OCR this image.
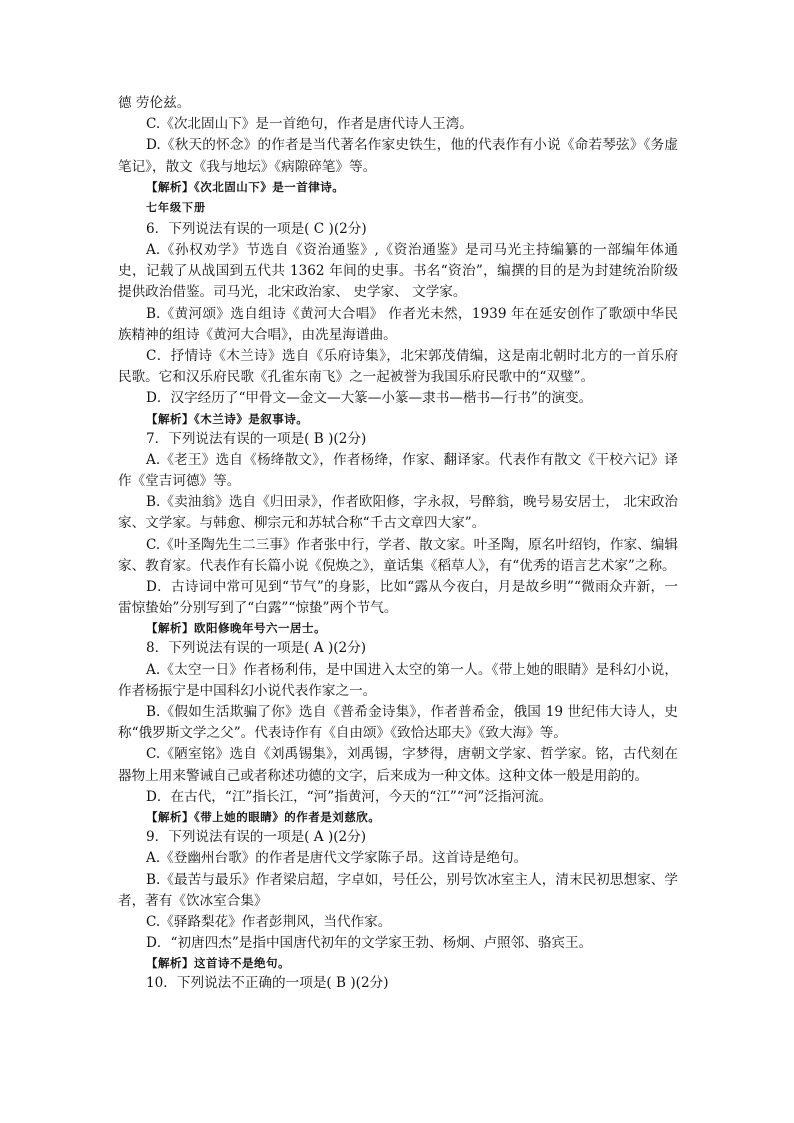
德 劳伦兹。

C.《次北固山下》是一首绝句，作者是唐代诗人王湾。

D.《秋天的怀念》的作者是当代著名作家史铁生，他的代表作有小说《命若琴弦》《务虚笔记》，散文《我与地坛》《病隙碎笔》等。

【解析】《次北固山下》是一首律诗。

七年级下册

6．下列说法有误的一项是( C )(2分)

A.《孙权劝学》节选自《资治通鉴》,《资治通鉴》是司马光主持编纂的一部编年体通史，记载了从战国到五代共 1362 年间的史事。书名“资治”，编撰的目的是为封建统治阶级提供政治借鉴。司马光，北宋政治家、 史学家、 文学家。

B.《黄河颂》选自组诗《黄河大合唱》 作者光未然，1939 年在延安创作了歌颂中华民族精神的组诗《黄河大合唱》，由冼星海谱曲。

C．抒情诗《木兰诗》选自《乐府诗集》，北宋郭茂倩编，这是南北朝时北方的一首乐府民歌。它和汉乐府民歌《孔雀东南飞》之一起被誉为我国乐府民歌中的“双璧”。

D．汉字经历了“甲骨文—金文—大篆—小篆—隶书—楷书—行书”的演变。

【解析】《木兰诗》是叙事诗。

7．下列说法有误的一项是( B )(2分)

A.《老王》选自《杨绛散文》，作者杨绛，作家、翻译家。代表作有散文《干校六记》译作《堂吉诃德》等。

B.《卖油翁》选自《归田录》，作者欧阳修，字永叔，号醉翁，晚号易安居士， 北宋政治家、文学家。与韩愈、柳宗元和苏轼合称“千古文章四大家”。

C.《叶圣陶先生二三事》作者张中行，学者、散文家。叶圣陶，原名叶绍钧，作家、编辑家、教育家。代表作有长篇小说《倪焕之》，童话集《稻草人》，有“优秀的语言艺术家”之称。

D．古诗词中常可见到“节气”的身影，比如“露从今夜白，月是故乡明”“微雨众卉新，一雷惊蛰始”分别写到了“白露”“惊蛰”两个节气。

【解析】欧阳修晚年号六一居士。

8．下列说法有误的一项是( A )(2分)

A.《太空一日》作者杨利伟，是中国进入太空的第一人。《带上她的眼睛》是科幻小说，作者杨振宁是中国科幻小说代表作家之一。

B.《假如生活欺骗了你》选自《普希金诗集》，作者普希金，俄国 19 世纪伟大诗人，史称“俄罗斯文学之父”。代表诗作有《自由颂》《致恰达耶夫》《致大海》等。

C.《陋室铭》选自《刘禹锡集》，刘禹锡，字梦得，唐朝文学家、哲学家。铭，古代刻在器物上用来警诫自己或者称述功德的文字，后来成为一种文体。这种文体一般是用韵的。

D．在古代，“江”指长江，“河”指黄河，今天的“江”“河”泛指河流。

【解析】《带上她的眼睛》的作者是刘慈欣。

9．下列说法有误的一项是( A )(2分)

A.《登幽州台歌》的作者是唐代文学家陈子昂。这首诗是绝句。

B.《最苦与最乐》作者梁启超，字卓如，号任公，别号饮冰室主人，清末民初思想家、学者，著有《饮冰室合集》

C.《驿路梨花》作者彭荆风，当代作家。

D．“初唐四杰”是指中国唐代初年的文学家王勃、杨炯、卢照邻、骆宾王。

【解析】这首诗不是绝句。

10．下列说法不正确的一项是( B )(2分)
